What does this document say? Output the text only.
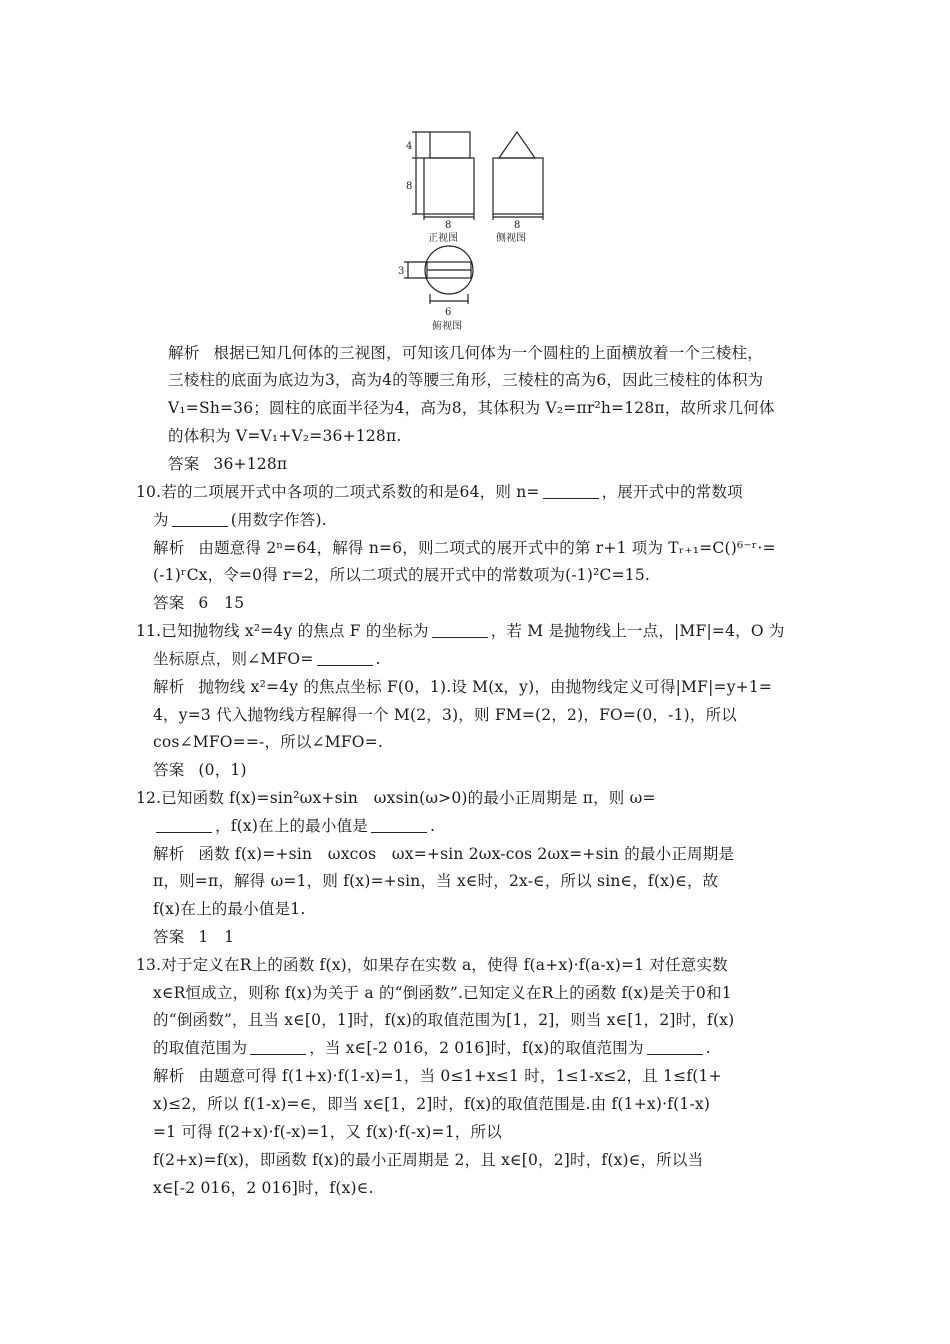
4
8
8	8
正视图	侧视图
3
6
俯视图
解析 根据已知几何体的三视图，可知该几何体为一个圆柱的上面横放着一个三棱柱，
三棱柱的底面为底边为3，高为4的等腰三角形，三棱柱的高为6，因此三棱柱的体积为
V₁=Sh=36；圆柱的底面半径为4，高为8，其体积为 V₂=πr²h=128π，故所求几何体
的体积为 V=V₁+V₂=36+128π.
答案 36+128π
10.若的二项展开式中各项的二项式系数的和是64，则 n=	，展开式中的常数项
为	(用数字作答).
解析 由题意得 2ⁿ=64，解得 n=6，则二项式的展开式中的第 r+1 项为 Tᵣ₊₁=C()⁶⁻ʳ·=
(-1)ʳCx，令=0得 r=2，所以二项式的展开式中的常数项为(-1)²C=15.
答案 6　15
11.已知抛物线 x²=4y 的焦点 F 的坐标为	，若 M 是抛物线上一点，|MF|=4，O 为
坐标原点，则∠MFO=	.
解析 抛物线 x²=4y 的焦点坐标 F(0，1).设 M(x，y)，由抛物线定义可得|MF|=y+1=
4，y=3 代入抛物线方程解得一个 M(2，3)，则 FM=(2，2)，FO=(0，-1)，所以
cos∠MFO==-，所以∠MFO=.
答案 (0，1)
12.已知函数 f(x)=sin²ωx+sin　ωxsin(ω>0)的最小正周期是 π，则 ω=
，f(x)在上的最小值是	.
解析 函数 f(x)=+sin　ωxcos　ωx=+sin 2ωx-cos 2ωx=+sin 的最小正周期是
π，则=π，解得 ω=1，则 f(x)=+sin，当 x∈时，2x-∈，所以 sin∈，f(x)∈，故
f(x)在上的最小值是1.
答案 1　1
13.对于定义在R上的函数 f(x)，如果存在实数 a，使得 f(a+x)·f(a-x)=1 对任意实数
x∈R恒成立，则称 f(x)为关于 a 的“倒函数”.已知定义在R上的函数 f(x)是关于0和1
的“倒函数”，且当 x∈[0，1]时，f(x)的取值范围为[1，2]，则当 x∈[1，2]时，f(x)
的取值范围为	，当 x∈[-2 016，2 016]时，f(x)的取值范围为	.
解析 由题意可得 f(1+x)·f(1-x)=1，当 0≤1+x≤1 时，1≤1-x≤2，且 1≤f(1+
x)≤2，所以 f(1-x)=∈，即当 x∈[1，2]时，f(x)的取值范围是.由 f(1+x)·f(1-x)
=1 可得 f(2+x)·f(-x)=1，又 f(x)·f(-x)=1，所以
f(2+x)=f(x)，即函数 f(x)的最小正周期是 2，且 x∈[0，2]时，f(x)∈，所以当
x∈[-2 016，2 016]时，f(x)∈.
